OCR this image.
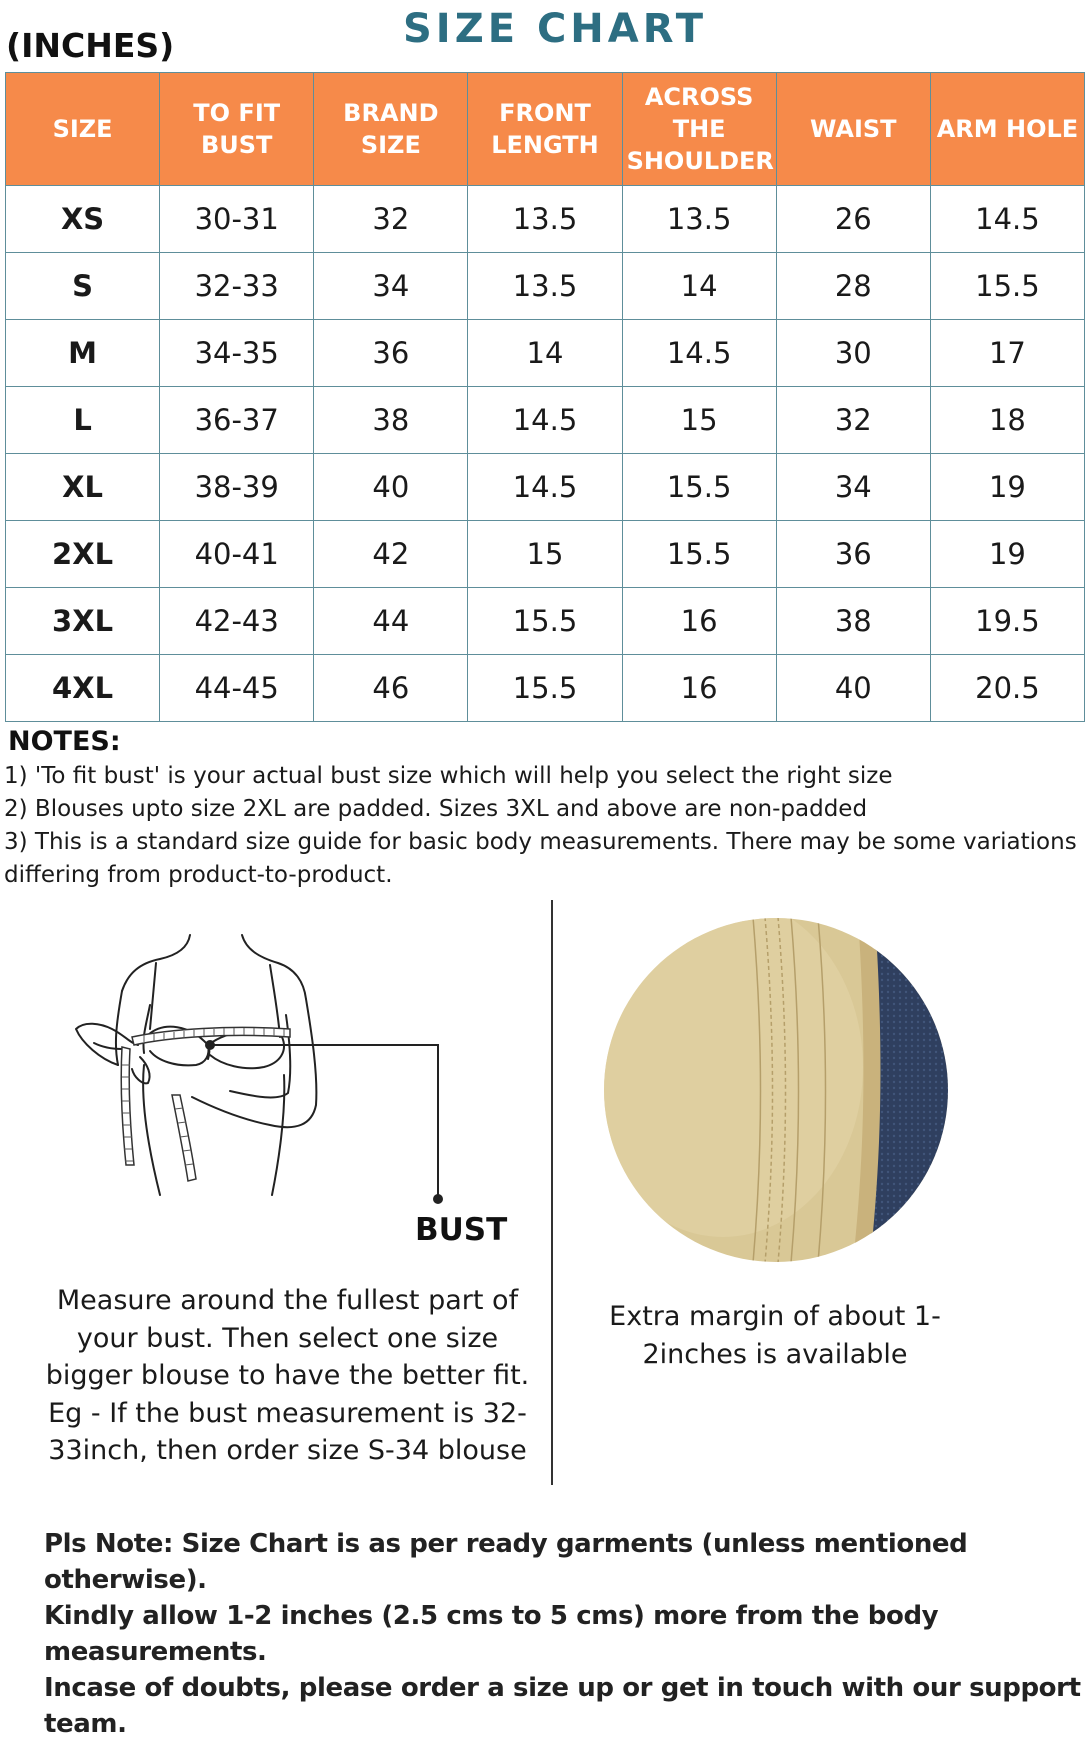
(INCHES)	SIZE CHART
SIZE	TO FIT BUST	BRAND SIZE	FRONT LENGTH	ACROSS THE SHOULDER	WAIST	ARM HOLE
XS	30-31	32	13.5	13.5	26	14.5
S	32-33	34	13.5	14	28	15.5
M	34-35	36	14	14.5	30	17
L	36-37	38	14.5	15	32	18
XL	38-39	40	14.5	15.5	34	19
2XL	40-41	42	15	15.5	36	19
3XL	42-43	44	15.5	16	38	19.5
4XL	44-45	46	15.5	16	40	20.5
NOTES:
1) 'To fit bust' is your actual bust size which will help you select the right size
2) Blouses upto size 2XL are padded. Sizes 3XL and above are non-padded
3) This is a standard size guide for basic body measurements. There may be some variations differing from product-to-product.
BUST
Measure around the fullest part of your bust. Then select one size bigger blouse to have the better fit. Eg - If the bust measurement is 32-33inch, then order size S-34 blouse
Extra margin of about 1-2inches is available
Pls Note: Size Chart is as per ready garments (unless mentioned otherwise).
Kindly allow 1-2 inches (2.5 cms to 5 cms) more from the body measurements.
Incase of doubts, please order a size up or get in touch with our support team.
